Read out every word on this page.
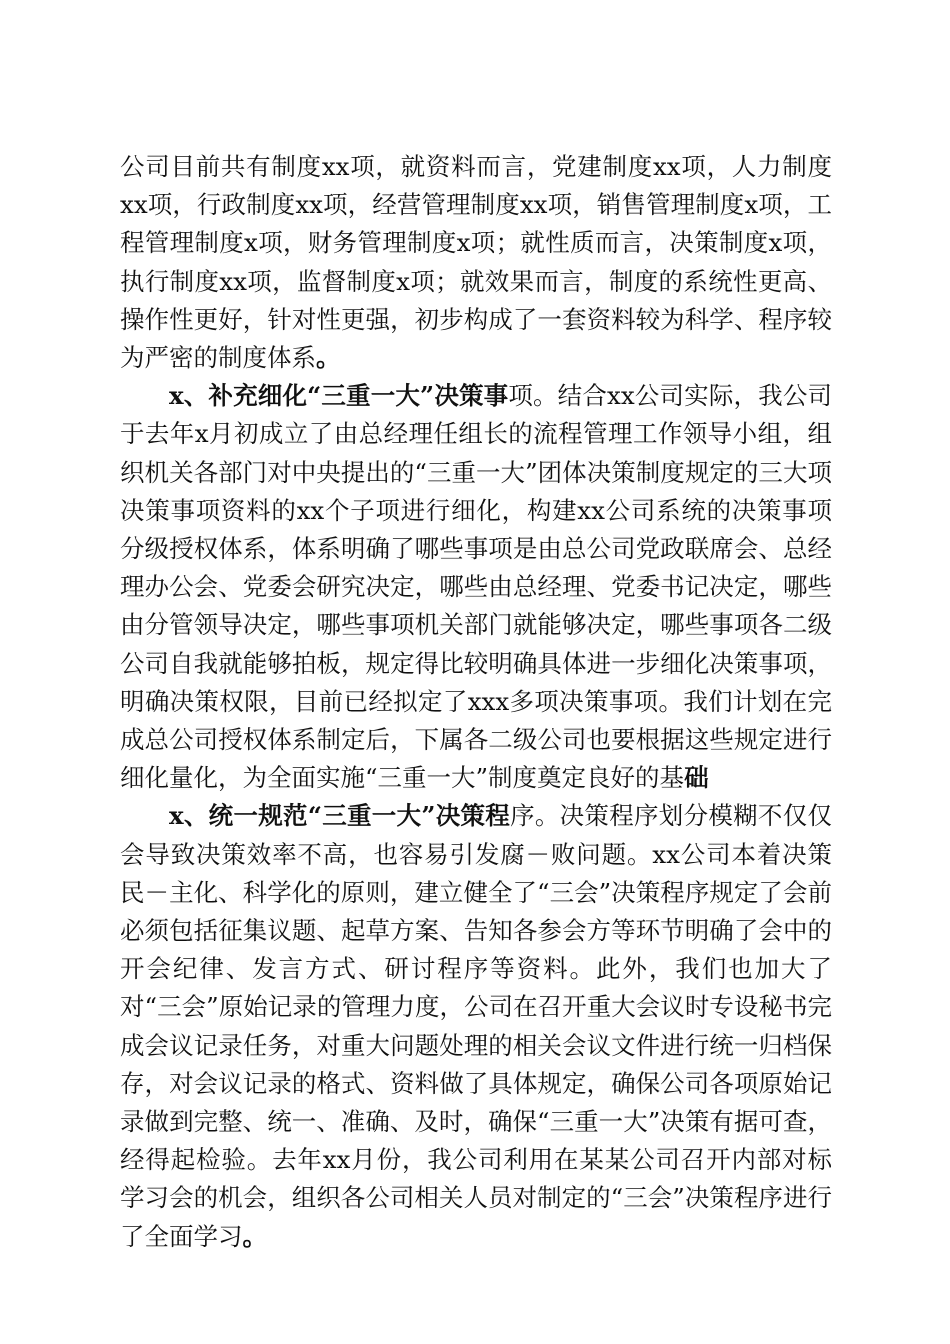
公司目前共有制度xx项，就资料而言，党建制度xx项，人力制度xx项，行政制度xx项，经营管理制度xx项，销售管理制度x项，工程管理制度x项，财务管理制度x项；就性质而言，决策制度x项，执行制度xx项，监督制度x项；就效果而言，制度的系统性更高、操作性更好，针对性更强，初步构成了一套资料较为科学、程序较为严密的制度体系。

x、补充细化“三重一大”决策事项。结合xx公司实际，我公司于去年x月初成立了由总经理任组长的流程管理工作领导小组，组织机关各部门对中央提出的“三重一大”团体决策制度规定的三大项决策事项资料的xx个子项进行细化，构建xx公司系统的决策事项分级授权体系，体系明确了哪些事项是由总公司党政联席会、总经理办公会、党委会研究决定，哪些由总经理、党委书记决定，哪些由分管领导决定，哪些事项机关部门就能够决定，哪些事项各二级公司自我就能够拍板，规定得比较明确具体进一步细化决策事项，明确决策权限，目前已经拟定了xxx多项决策事项。我们计划在完成总公司授权体系制定后，下属各二级公司也要根据这些规定进行细化量化，为全面实施“三重一大”制度奠定良好的基础

x、统一规范“三重一大”决策程序。决策程序划分模糊不仅仅会导致决策效率不高，也容易引发腐－败问题。xx公司本着决策民－主化、科学化的原则，建立健全了“三会”决策程序规定了会前必须包括征集议题、起草方案、告知各参会方等环节明确了会中的开会纪律、发言方式、研讨程序等资料。此外，我们也加大了对“三会”原始记录的管理力度，公司在召开重大会议时专设秘书完成会议记录任务，对重大问题处理的相关会议文件进行统一归档保存，对会议记录的格式、资料做了具体规定，确保公司各项原始记录做到完整、统一、准确、及时，确保“三重一大”决策有据可查，经得起检验。去年xx月份，我公司利用在某某公司召开内部对标学习会的机会，组织各公司相关人员对制定的“三会”决策程序进行了全面学习。
